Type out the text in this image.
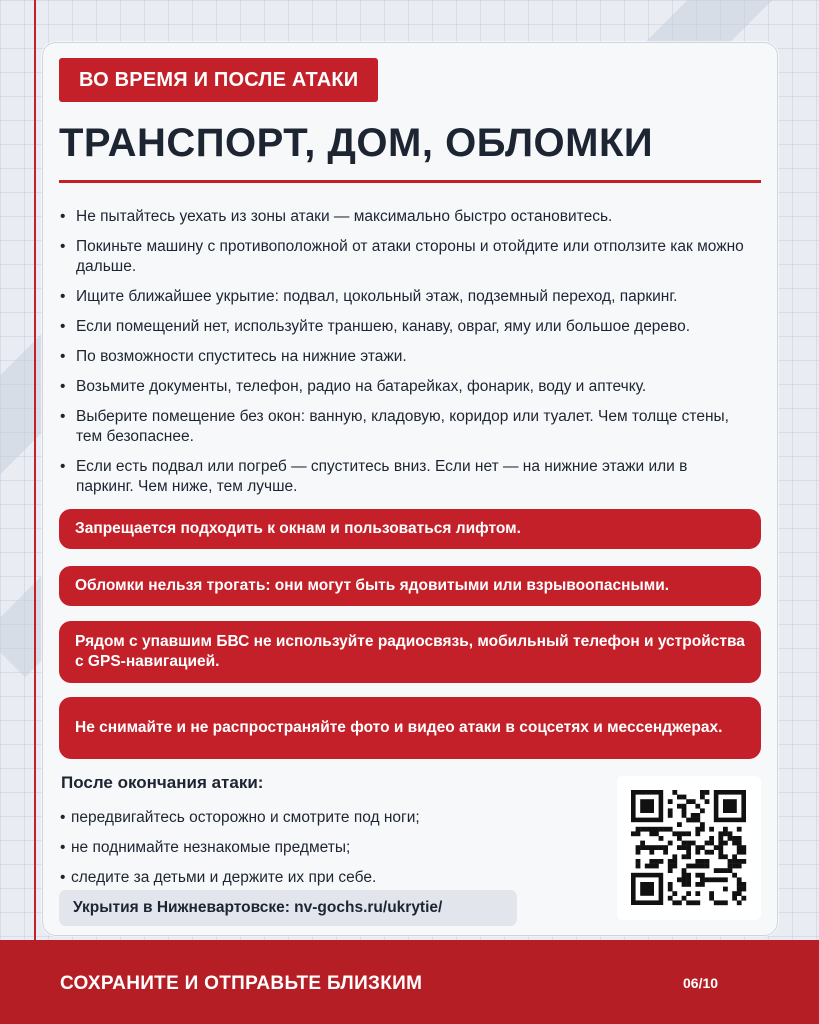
ВО ВРЕМЯ И ПОСЛЕ АТАКИ
ТРАНСПОРТ, ДОМ, ОБЛОМКИ
• Не пытайтесь уехать из зоны атаки — максимально быстро остановитесь.
• Покиньте машину с противоположной от атаки стороны и отойдите или отползите как можно дальше.
• Ищите ближайшее укрытие: подвал, цокольный этаж, подземный переход, паркинг.
• Если помещений нет, используйте траншею, канаву, овраг, яму или большое дерево.
• По возможности спуститесь на нижние этажи.
• Возьмите документы, телефон, радио на батарейках, фонарик, воду и аптечку.
• Выберите помещение без окон: ванную, кладовую, коридор или туалет. Чем толще стены, тем безопаснее.
• Если есть подвал или погреб — спуститесь вниз. Если нет — на нижние этажи или в паркинг. Чем ниже, тем лучше.
Запрещается подходить к окнам и пользоваться лифтом.
Обломки нельзя трогать: они могут быть ядовитыми или взрывоопасными.
Рядом с упавшим БВС не используйте радиосвязь, мобильный телефон и устройства с GPS-навигацией.
Не снимайте и не распространяйте фото и видео атаки в соцсетях и мессенджерах.
После окончания атаки:
• передвигайтесь осторожно и смотрите под ноги;
• не поднимайте незнакомые предметы;
• следите за детьми и держите их при себе.
Укрытия в Нижневартовске: nv-gochs.ru/ukrytie/
СОХРАНИТЕ И ОТПРАВЬТЕ БЛИЗКИМ	06/10
